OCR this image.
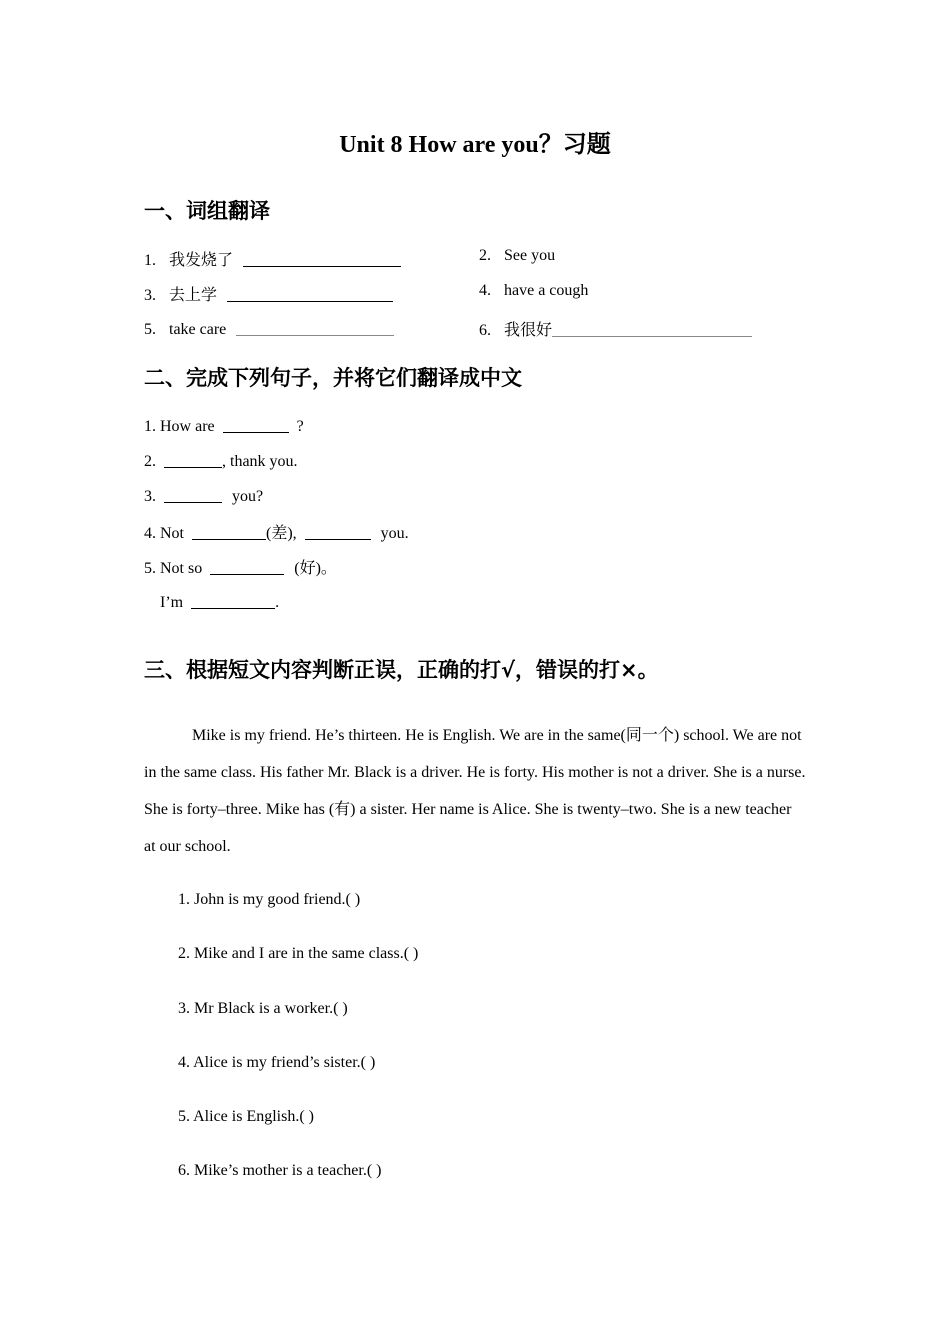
Unit 8 How are you？习题
一、词组翻译
1. 我发烧了	2. See you
3. 去上学	4. have a cough
5. take care	6. 我很好
二、完成下列句子，并将它们翻译成中文
1. How are	?
2.	, thank you.
3.	you?
4. Not	(差),	you.
5. Not so	(好)。
I’m	.
三、根据短文内容判断正误，正确的打√，错误的打×。
Mike is my friend. He’s thirteen. He is English. We are in the same(同一个) school. We are not in the same class. His father Mr. Black is a driver. He is forty. His mother is not a driver. She is a nurse. She is forty–three. Mike has (有) a sister. Her name is Alice. She is twenty–two. She is a new teacher at our school.
1. John is my good friend.( )
2. Mike and I are in the same class.( )
3. Mr Black is a worker.( )
4. Alice is my friend’s sister.( )
5. Alice is English.( )
6. Mike’s mother is a teacher.( )
